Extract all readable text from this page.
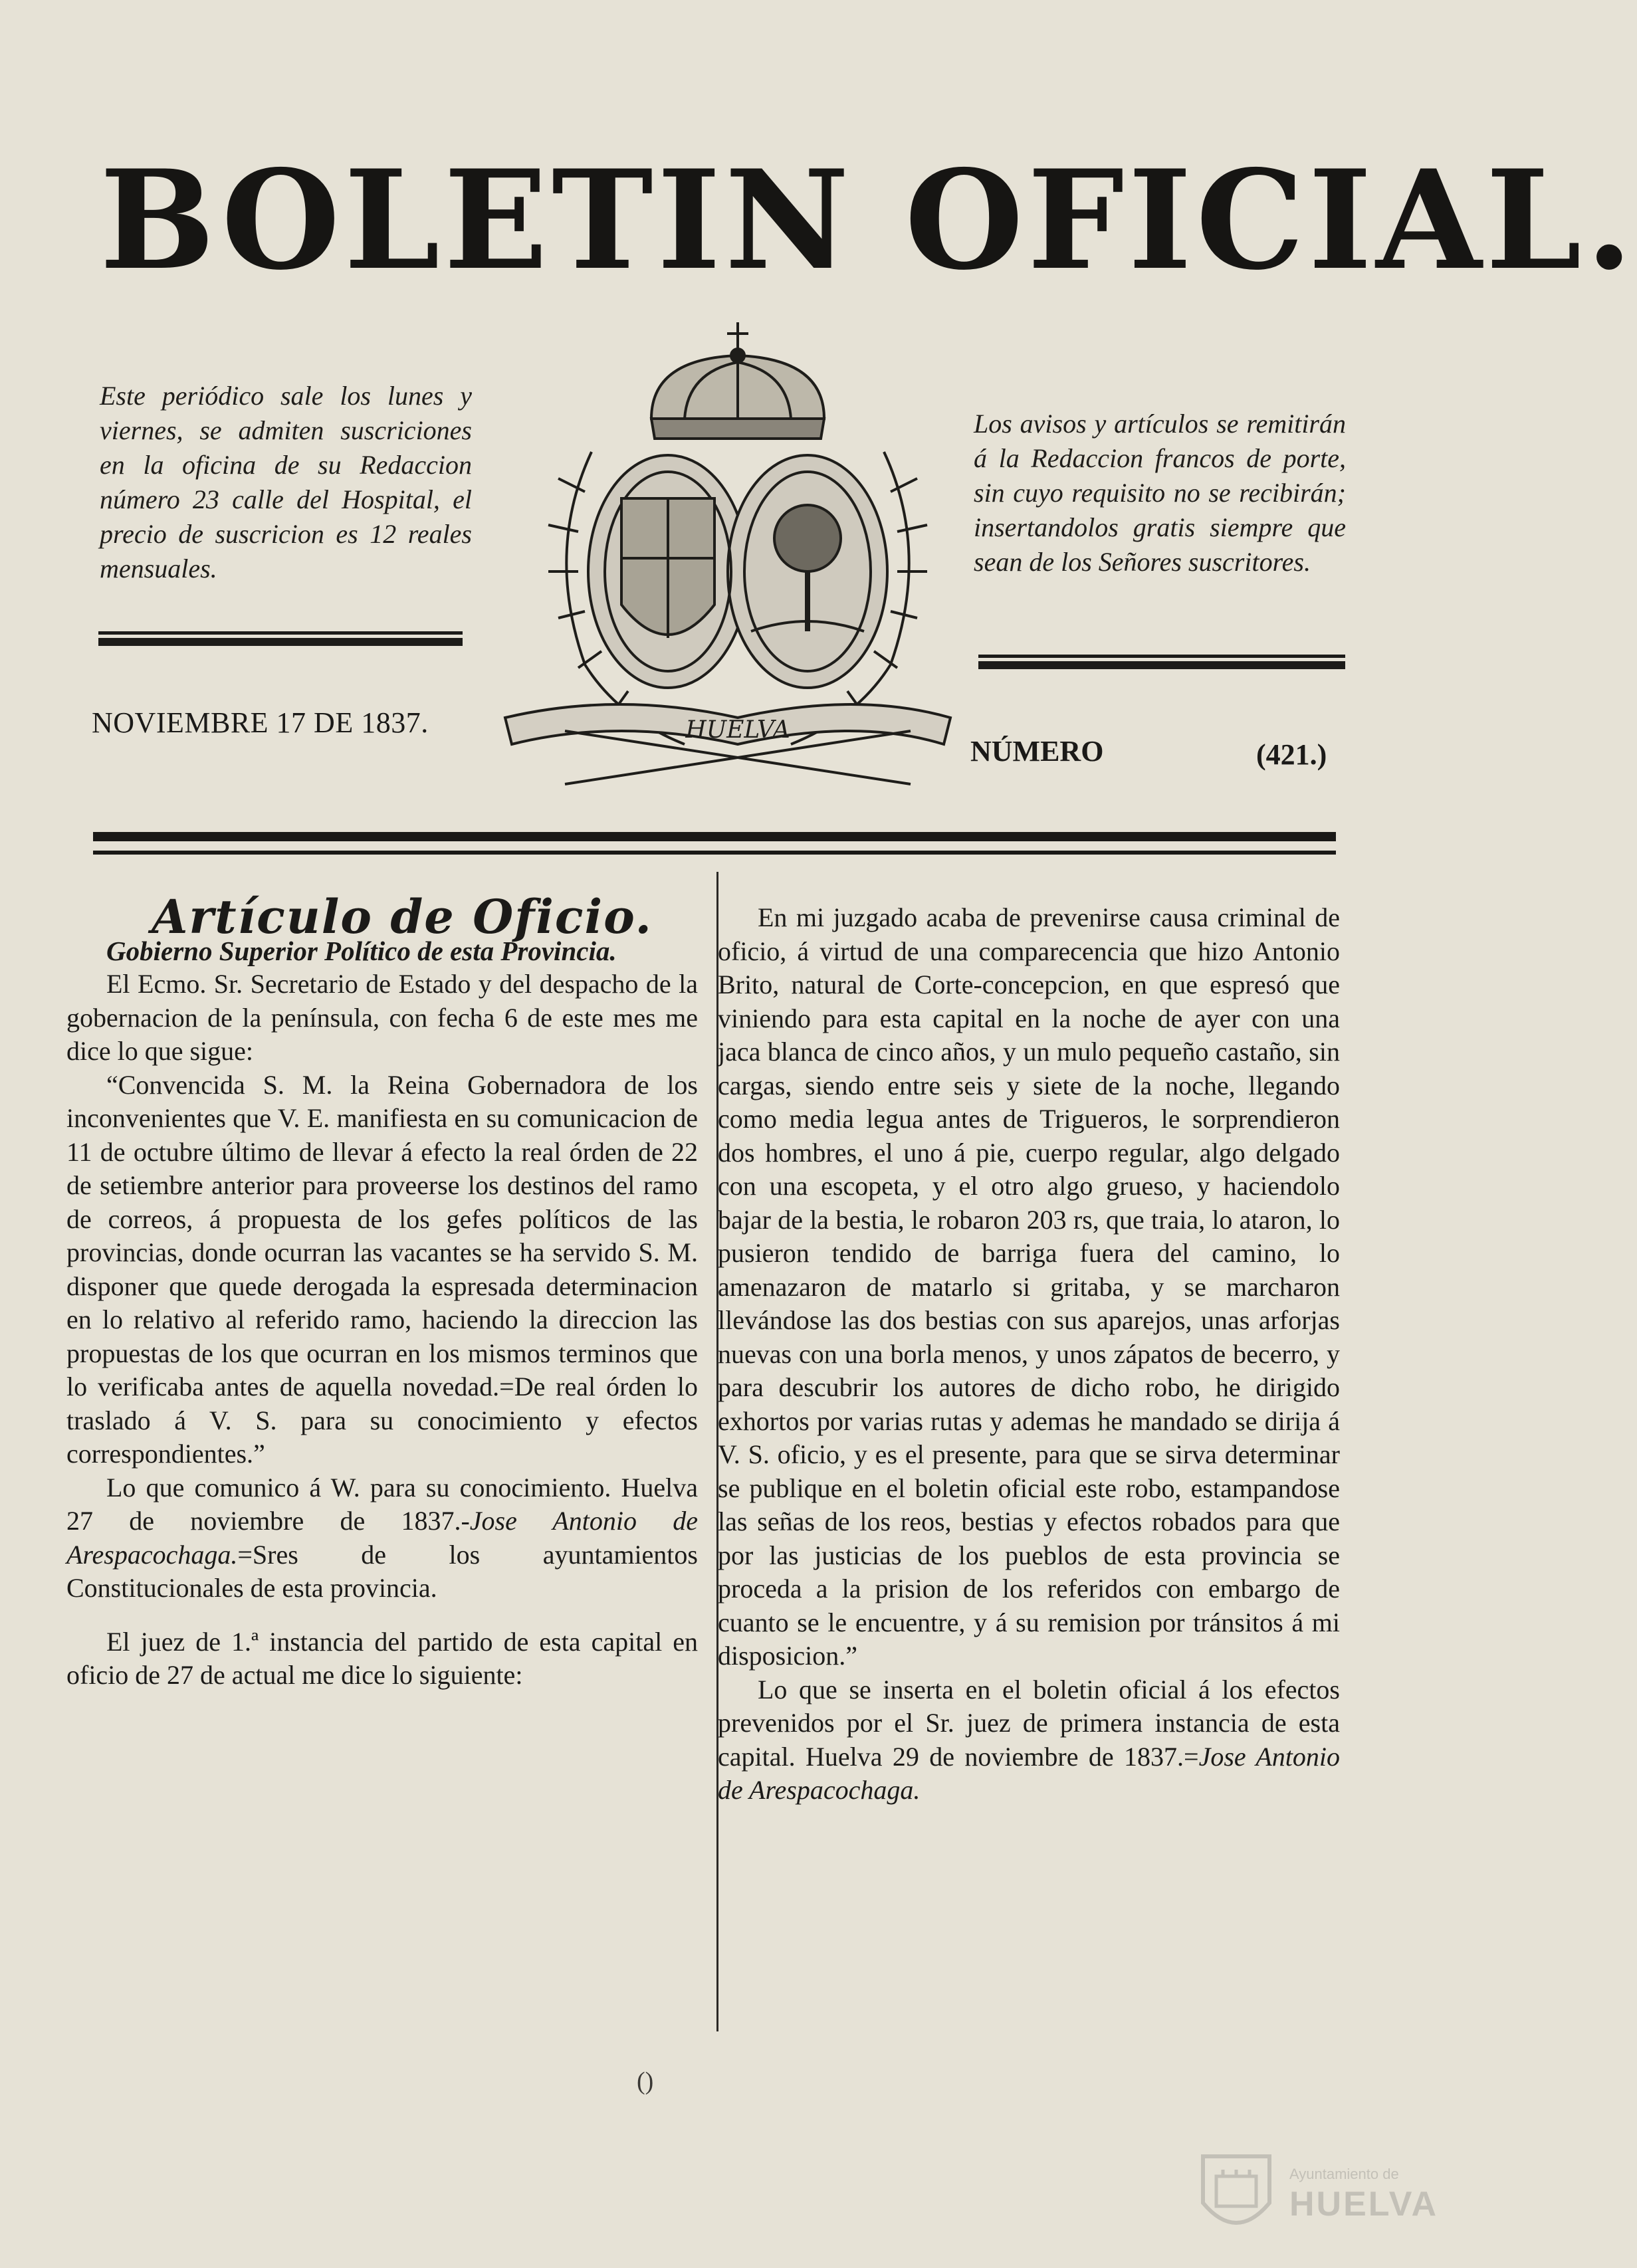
BOLETIN OFICIAL.
Este periódico sale los lunes y viernes, se admiten suscriciones en la oficina de su Redaccion número 23 calle del Hospital, el precio de suscricion es 12 reales mensuales.
Los avisos y artículos se remitirán á la Redaccion francos de porte, sin cuyo requisito no se recibirán; insertandolos gratis siempre que sean de los Señores suscritores.
HUELVA
NOVIEMBRE 17 DE 1837.
NÚMERO	(421.)

Artículo de Oficio.

Gobierno Superior Político de esta Provincia.

El Ecmo. Sr. Secretario de Estado y del despacho de la gobernacion de la península, con fecha 6 de este mes me dice lo que sigue:

“Convencida S. M. la Reina Gobernadora de los inconvenientes que V. E. manifiesta en su comunicacion de 11 de octubre último de llevar á efecto la real órden de 22 de setiembre anterior para proveerse los destinos del ramo de correos, á propuesta de los gefes políticos de las provincias, donde ocurran las vacantes se ha servido S. M. disponer que quede derogada la espresada determinacion en lo relativo al referido ramo, haciendo la direccion las propuestas de los que ocurran en los mismos terminos que lo verificaba antes de aquella novedad.=De real órden lo traslado á V. S. para su conocimiento y efectos correspondientes.”

Lo que comunico á W. para su conocimiento. Huelva 27 de noviembre de 1837.-Jose Antonio de Arespacochaga.=Sres de los ayuntamientos Constitucionales de esta provincia.

El juez de 1.ª instancia del partido de esta capital en oficio de 27 de actual me dice lo siguiente:

En mi juzgado acaba de prevenirse causa criminal de oficio, á virtud de una comparecencia que hizo Antonio Brito, natural de Corte-concepcion, en que espresó que viniendo para esta capital en la noche de ayer con una jaca blanca de cinco años, y un mulo pequeño castaño, sin cargas, siendo entre seis y siete de la noche, llegando como media legua antes de Trigueros, le sorprendieron dos hombres, el uno á pie, cuerpo regular, algo delgado con una escopeta, y el otro algo grueso, y haciendolo bajar de la bestia, le robaron 203 rs, que traia, lo ataron, lo pusieron tendido de barriga fuera del camino, lo amenazaron de matarlo si gritaba, y se marcharon llevándose las dos bestias con sus aparejos, unas arforjas nuevas con una borla menos, y unos zápatos de becerro, y para descubrir los autores de dicho robo, he dirigido exhortos por varias rutas y ademas he mandado se dirija á V. S. oficio, y es el presente, para que se sirva determinar se publique en el boletin oficial este robo, estampandose las señas de los reos, bestias y efectos robados para que por las justicias de los pueblos de esta provincia se proceda a la prision de los referidos con embargo de cuanto se le encuentre, y á su remision por tránsitos á mi disposicion.”

Lo que se inserta en el boletin oficial á los efectos prevenidos por el Sr. juez de primera instancia de esta capital. Huelva 29 de noviembre de 1837.=Jose Antonio de Arespacochaga.

()
Ayuntamiento de
HUELVA
